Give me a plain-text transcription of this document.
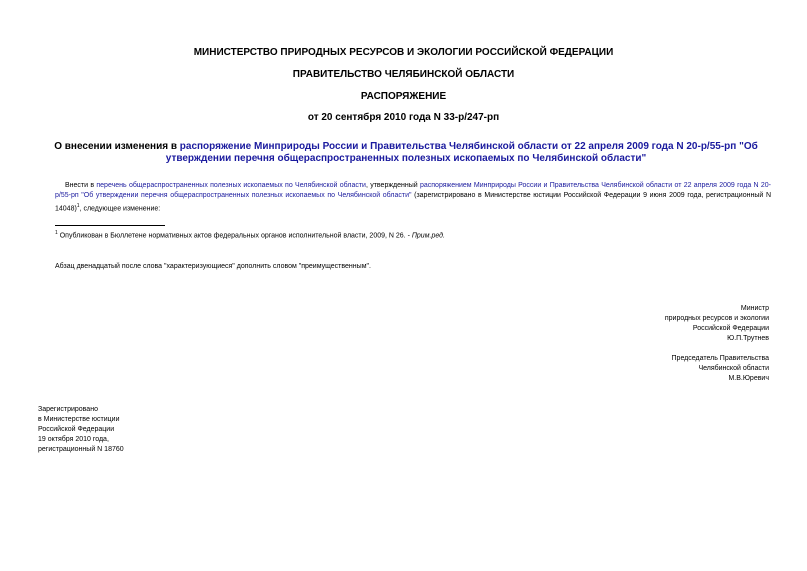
МИНИСТЕРСТВО ПРИРОДНЫХ РЕСУРСОВ И ЭКОЛОГИИ РОССИЙСКОЙ ФЕДЕРАЦИИ
ПРАВИТЕЛЬСТВО ЧЕЛЯБИНСКОЙ ОБЛАСТИ
РАСПОРЯЖЕНИЕ
от 20 сентября 2010 года N 33-р/247-рп
О внесении изменения в распоряжение Минприроды России и Правительства Челябинской области от 22 апреля 2009 года N 20-р/55-рп "Об утверждении перечня общераспространенных полезных ископаемых по Челябинской области"
Внести в перечень общераспространенных полезных ископаемых по Челябинской области, утвержденный распоряжением Минприроды России и Правительства Челябинской области от 22 апреля 2009 года N 20-р/55-рп "Об утверждении перечня общераспространенных полезных ископаемых по Челябинской области" (зарегистрировано в Министерстве юстиции Российской Федерации 9 июня 2009 года, регистрационный N 14048)$^1$, следующее изменение:
$^1$ Опубликован в Бюллетене нормативных актов федеральных органов исполнительной власти, 2009, N 26. - Прим.ред.
Абзац двенадцатый после слова "характеризующиеся" дополнить словом "преимущественным".
Министр
природных ресурсов и экологии
Российской Федерации
Ю.П.Трутнев
Председатель Правительства
Челябинской области
М.В.Юревич
Зарегистрировано
в Министерстве юстиции
Российской Федерации
19 октября 2010 года,
регистрационный N 18760
